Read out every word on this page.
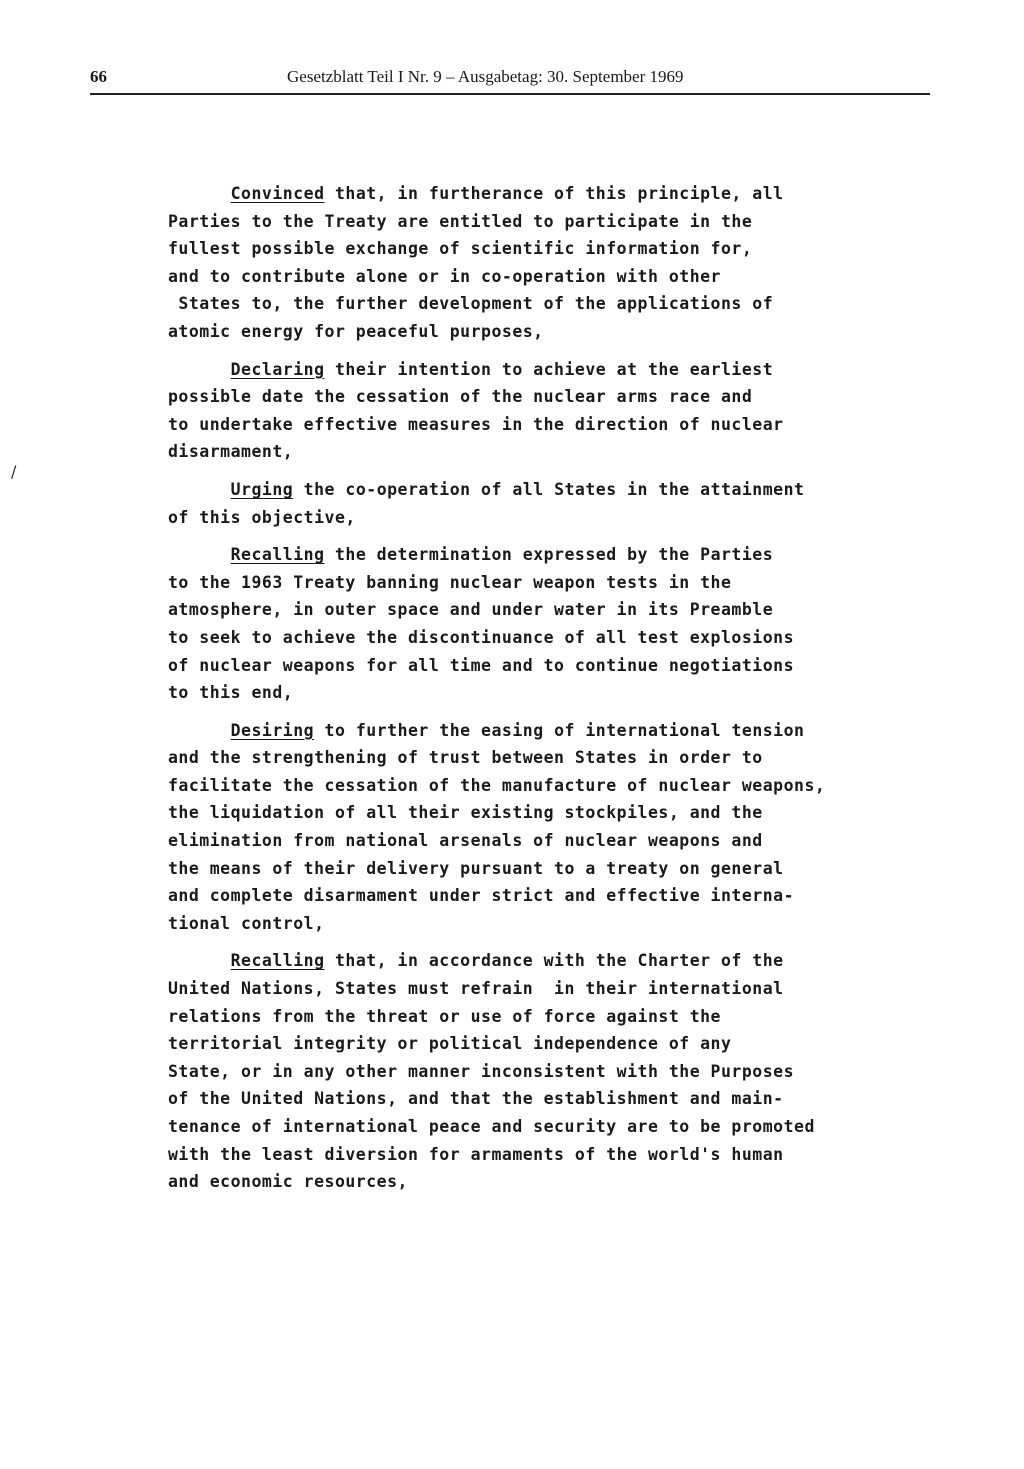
66	Gesetzblatt Teil I Nr. 9 – Ausgabetag: 30. September 1969
/

Convinced that, in furtherance of this principle, all
Parties to the Treaty are entitled to participate in the
fullest possible exchange of scientific information for,
and to contribute alone or in co-operation with other
States to, the further development of the applications of
atomic energy for peaceful purposes,

Declaring their intention to achieve at the earliest
possible date the cessation of the nuclear arms race and
to undertake effective measures in the direction of nuclear
disarmament,

Urging the co-operation of all States in the attainment
of this objective,

Recalling the determination expressed by the Parties
to the 1963 Treaty banning nuclear weapon tests in the
atmosphere, in outer space and under water in its Preamble
to seek to achieve the discontinuance of all test explosions
of nuclear weapons for all time and to continue negotiations
to this end,

Desiring to further the easing of international tension
and the strengthening of trust between States in order to
facilitate the cessation of the manufacture of nuclear weapons,
the liquidation of all their existing stockpiles, and the
elimination from national arsenals of nuclear weapons and
the means of their delivery pursuant to a treaty on general
and complete disarmament under strict and effective interna-
tional control,

Recalling that, in accordance with the Charter of the
United Nations, States must refrain  in their international
relations from the threat or use of force against the
territorial integrity or political independence of any
State, or in any other manner inconsistent with the Purposes
of the United Nations, and that the establishment and main-
tenance of international peace and security are to be promoted
with the least diversion for armaments of the world's human
and economic resources,
